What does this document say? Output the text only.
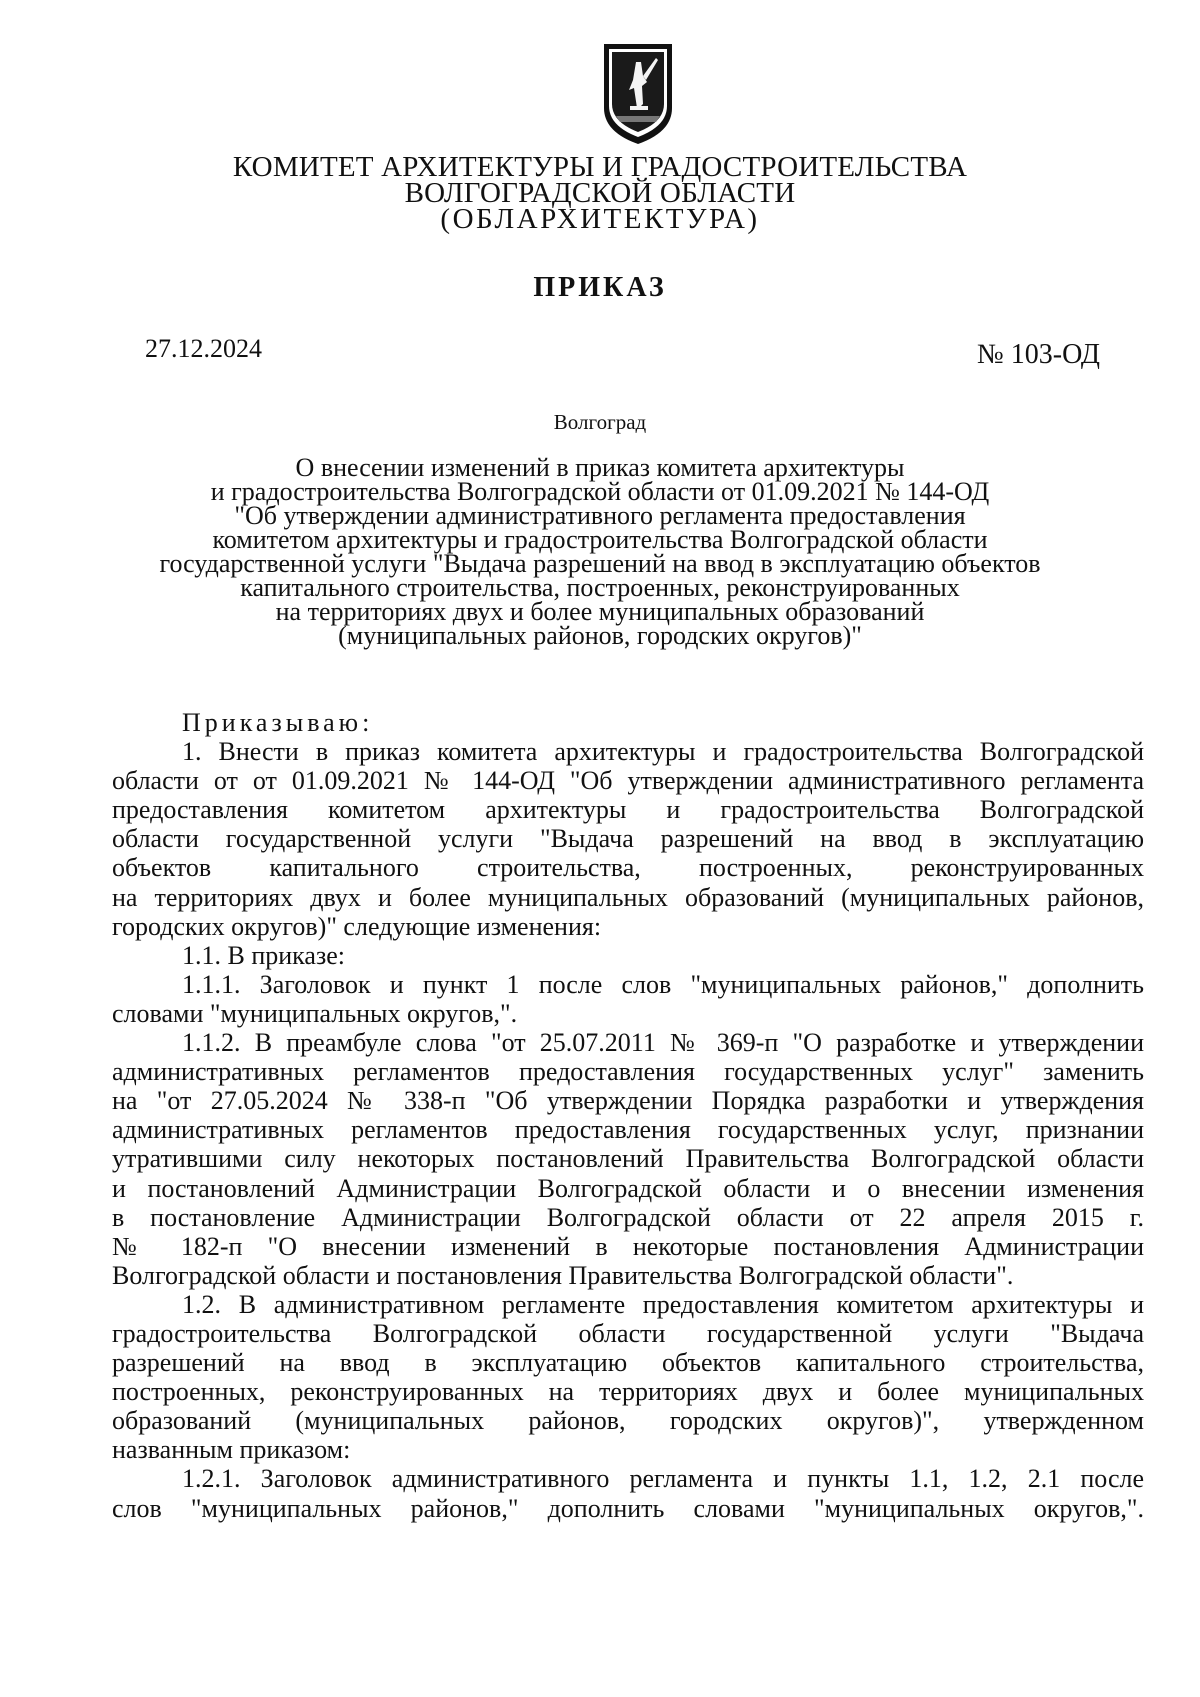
КОМИТЕТ АРХИТЕКТУРЫ И ГРАДОСТРОИТЕЛЬСТВА
ВОЛГОГРАДСКОЙ ОБЛАСТИ
(ОБЛАРХИТЕКТУРА)
ПРИКАЗ
27.12.2024	№ 103-ОД
Волгоград
О внесении изменений в приказ комитета архитектуры
и градостроительства Волгоградской области от 01.09.2021 № 144-ОД
"Об утверждении административного регламента предоставления
комитетом архитектуры и градостроительства Волгоградской области
государственной услуги "Выдача разрешений на ввод в эксплуатацию объектов
капитального строительства, построенных, реконструированных
на территориях двух и более муниципальных образований
(муниципальных районов, городских округов)"
Приказываю:
1. Внести в приказ комитета архитектуры и градостроительства Волгоградской
области от от 01.09.2021 № 144-ОД "Об утверждении административного регламента
предоставления комитетом архитектуры и градостроительства Волгоградской
области государственной услуги "Выдача разрешений на ввод в эксплуатацию
объектов капитального строительства, построенных, реконструированных
на территориях двух и более муниципальных образований (муниципальных районов,
городских округов)" следующие изменения:
1.1. В приказе:
1.1.1. Заголовок и пункт 1 после слов "муниципальных районов," дополнить
словами "муниципальных округов,".
1.1.2. В преамбуле слова "от 25.07.2011 № 369-п "О разработке и утверждении
административных регламентов предоставления государственных услуг" заменить
на "от 27.05.2024 № 338-п "Об утверждении Порядка разработки и утверждения
административных регламентов предоставления государственных услуг, признании
утратившими силу некоторых постановлений Правительства Волгоградской области
и постановлений Администрации Волгоградской области и о внесении изменения
в постановление Администрации Волгоградской области от 22 апреля 2015 г.
№ 182-п "О внесении изменений в некоторые постановления Администрации
Волгоградской области и постановления Правительства Волгоградской области".
1.2. В административном регламенте предоставления комитетом архитектуры и
градостроительства Волгоградской области государственной услуги "Выдача
разрешений на ввод в эксплуатацию объектов капитального строительства,
построенных, реконструированных на территориях двух и более муниципальных
образований (муниципальных районов, городских округов)", утвержденном
названным приказом:
1.2.1. Заголовок административного регламента и пункты 1.1, 1.2, 2.1 после
слов "муниципальных районов," дополнить словами "муниципальных округов,".
